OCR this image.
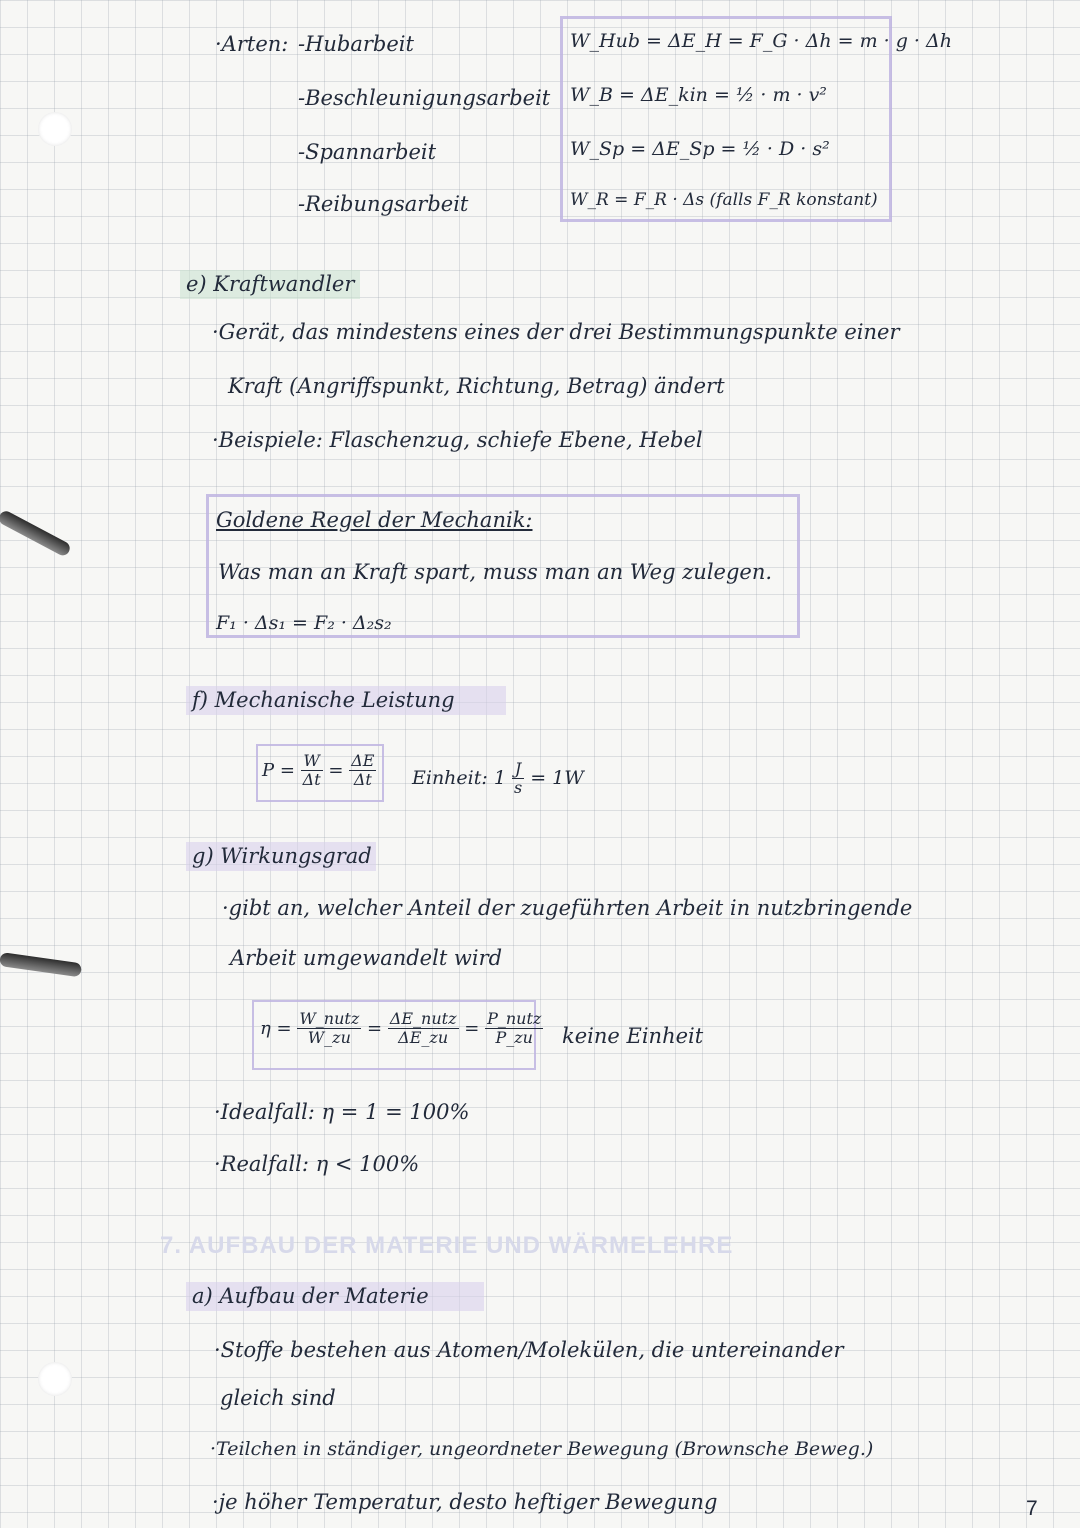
·Arten: -Hubarbeit
-Beschleunigungsarbeit
-Spannarbeit
-Reibungsarbeit
W_Hub = ΔE_H = F_G · Δh = m · g · Δh
W_B = ΔE_kin = ½ · m · v²
W_Sp = ΔE_Sp = ½ · D · s²
W_R = F_R · Δs (falls F_R konstant)
e) Kraftwandler
·Gerät, das mindestens eines der drei Bestimmungspunkte einer
Kraft (Angriffspunkt, Richtung, Betrag) ändert
·Beispiele: Flaschenzug, schiefe Ebene, Hebel
Goldene Regel der Mechanik:
Was man an Kraft spart, muss man an Weg zulegen.
F₁ · Δs₁ = F₂ · Δ₂s₂
f) Mechanische Leistung
$P = \frac{W}{\Delta t} = \frac{\Delta E}{\Delta t}$ Einheit: $1 \frac{J}{s} = 1W$
g) Wirkungsgrad
·gibt an, welcher Anteil der zugeführten Arbeit in nutzbringende
Arbeit umgewandelt wird
$\eta = \frac{\text{W\_nutz}}{W\_zu} = \frac{\text{ΔE\_nutz}}{\Delta E\_zu} = \frac{\text{P\_nutz}}{P\_zu}$ keine Einheit
·Idealfall: η = 1 = 100%
·Realfall: η < 100%
7. AUFBAU DER MATERIE UND WÄRMELEHRE
a) Aufbau der Materie
·Stoffe bestehen aus Atomen/Molekülen, die untereinander
gleich sind
·Teilchen in ständiger, ungeordneter Bewegung (Brownsche Beweg.)
·je höher Temperatur, desto heftiger Bewegung	7
